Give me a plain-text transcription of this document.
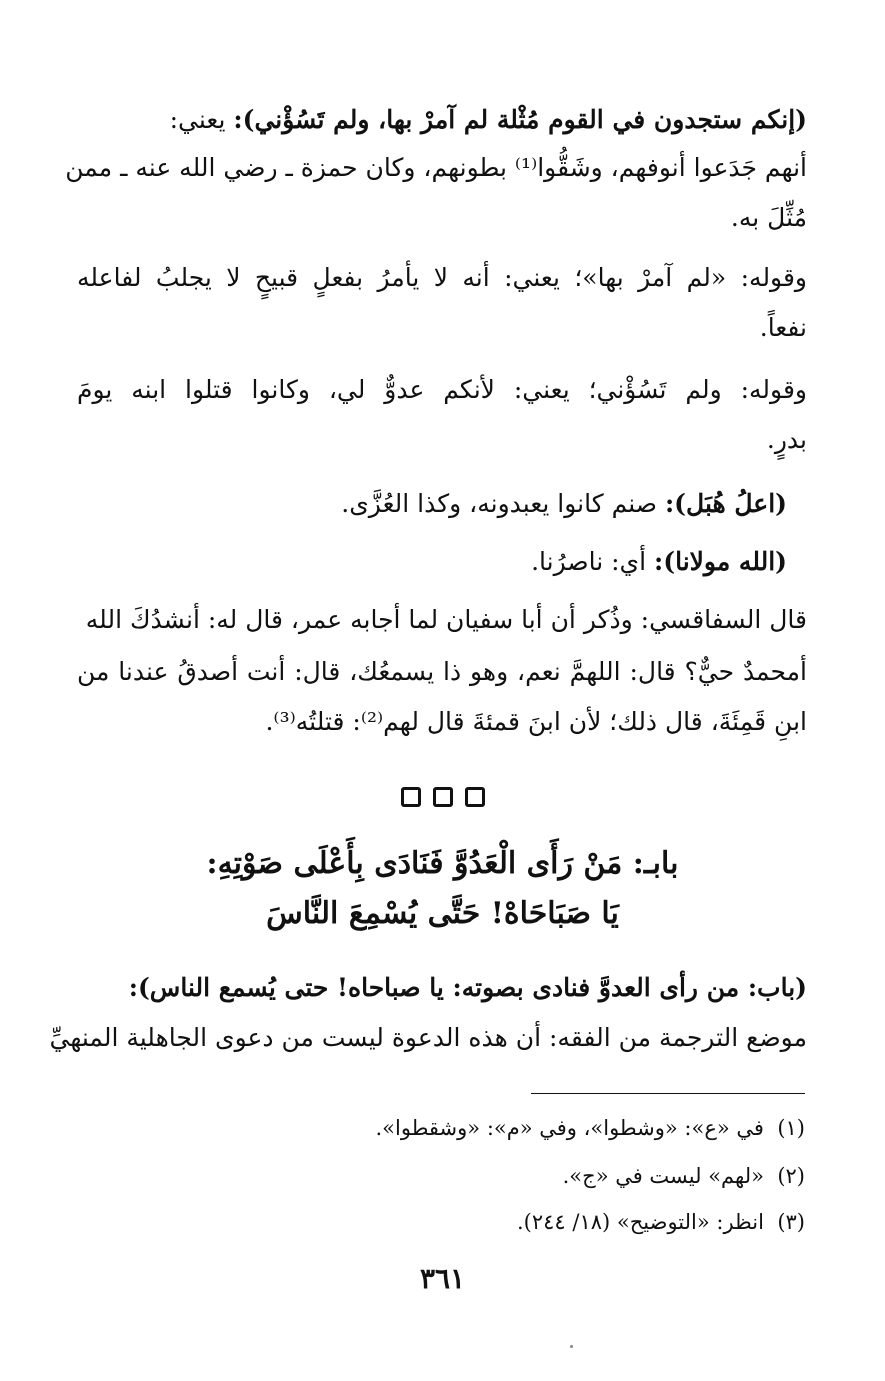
(إنكم ستجدون في القوم مُثْلة لم آمرْ بها، ولم تَسُؤْني): يعني:
أنهم جَدَعوا أنوفهم، وشَقُّوا⁽¹⁾ بطونهم، وكان حمزة ـ رضي الله عنه ـ ممن
مُثِّلَ به.
وقوله: «لم آمرْ بها»؛ يعني: أنه لا يأمرُ بفعلٍ قبيحٍ لا يجلبُ لفاعله
نفعاً.
وقوله: ولم تَسُؤْني؛ يعني: لأنكم عدوٌّ لي، وكانوا قتلوا ابنه يومَ
بدرٍ.
(اعلُ هُبَل): صنم كانوا يعبدونه، وكذا العُزَّى.
(الله مولانا): أي: ناصرُنا.
قال السفاقسي: وذُكر أن أبا سفيان لما أجابه عمر، قال له: أنشدُكَ الله
أمحمدٌ حيٌّ؟ قال: اللهمَّ نعم، وهو ذا يسمعُك، قال: أنت أصدقُ عندنا من
ابنِ قَمِئَةَ، قال ذلك؛ لأن ابنَ قمئةَ قال لهم⁽²⁾: قتلتُه⁽³⁾.
بابـ: مَنْ رَأَى الْعَدُوَّ فَنَادَى بِأَعْلَى صَوْتِهِ:
يَا صَبَاحَاهْ! حَتَّى يُسْمِعَ النَّاسَ
(باب: من رأى العدوَّ فنادى بصوته: يا صباحاه! حتى يُسمع الناس):
موضع الترجمة من الفقه: أن هذه الدعوة ليست من دعوى الجاهلية المنهيِّ
(١)  في «ع»: «وشطوا»، وفي «م»: «وشقطوا».
(٢)  «لهم» ليست في «ج».
(٣)  انظر: «التوضيح» (١٨/ ٢٤٤).
٣٦١
